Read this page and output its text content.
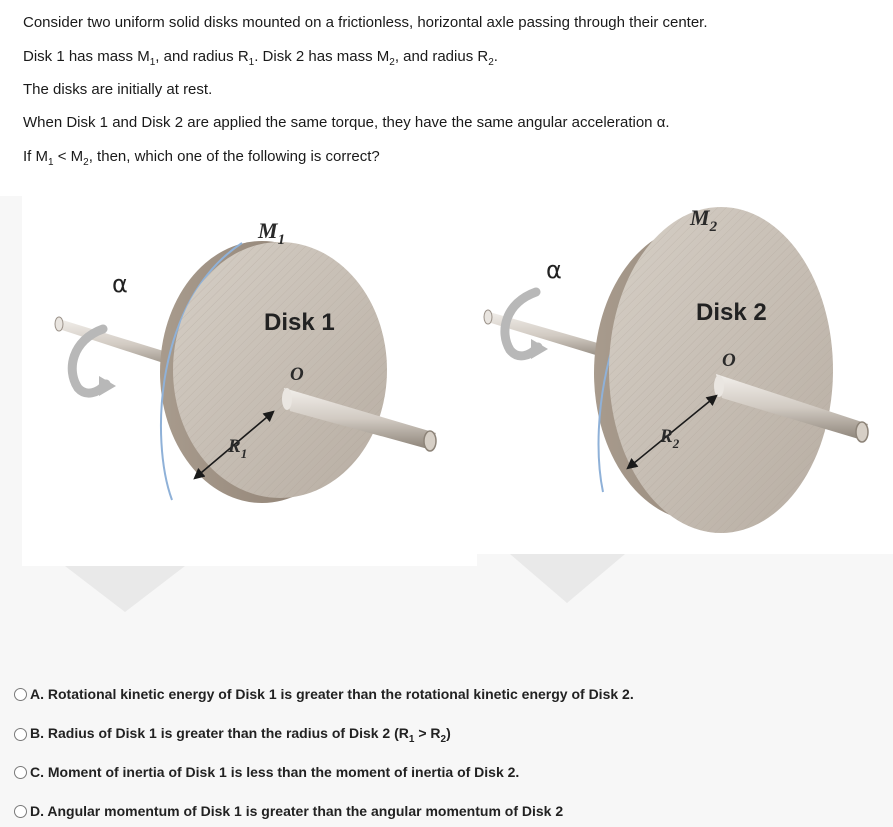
Consider two uniform solid disks mounted on a frictionless, horizontal axle passing through their center.
Disk 1 has mass $M_1$, and radius $R_1$. Disk 2 has mass $M_2$, and radius $R_2$.
The disks are initially at rest.
When Disk 1 and Disk 2 are applied the same torque, they have the same angular acceleration α.
If $M_1 < M_2$, then, which one of the following is correct?
α
$M_1$
Disk 1
O
$R_1$
α
$M_2$
Disk 2
O
$R_2$
A. Rotational kinetic energy of Disk 1 is greater than the rotational kinetic energy of Disk 2.
B. Radius of Disk 1 is greater than the radius of Disk 2 $(R_1 > R_2)$
C. Moment of inertia of Disk 1 is less than the moment of inertia of Disk 2.
D. Angular momentum of Disk 1 is greater than the angular momentum of Disk 2
